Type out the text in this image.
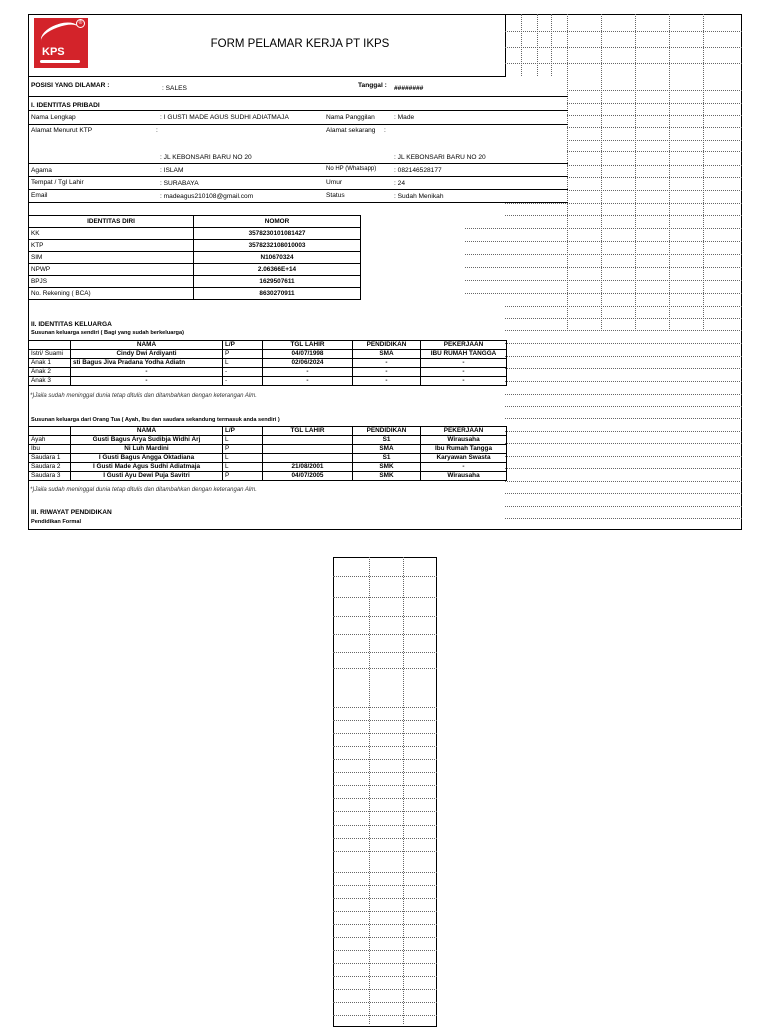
®
KPS
FORM PELAMAR KERJA PT IKPS
POSISI YANG DILAMAR :	: SALES	Tanggal : ########
I. IDENTITAS PRIBADI
Nama Lengkap	: I GUSTI MADE AGUS SUDHI ADIATMAJA	Nama Panggilan	: Made
Alamat Menurut KTP	:	Alamat sekarang :
: JL KEBONSARI BARU NO 20	: JL KEBONSARI BARU NO 20
Agama	: ISLAM	No HP (Whatsapp)	: 082146528177
Tempat / Tgl Lahir	: SURABAYA	Umur	: 24
Email	: madeagus210108@gmail.com	Status	: Sudah Menikah
IDENTITAS DIRI	NOMOR
KK	3578230101081427
KTP	3578232108010003
SIM	N10670324
NPWP	2.06366E+14
BPJS	1629507611
No. Rekening ( BCA)	8630270911
II. IDENTITAS KELUARGA
Susunan keluarga sendiri ( Bagi yang sudah berkeluarga)
	NAMA	L/P	TGL LAHIR	PENDIDIKAN	PEKERJAAN
Istri/ Suami	Cindy Dwi Ardiyanti	P	04/07/1998	SMA	IBU RUMAH TANGGA
Anak 1	sti Bagus Jiva Pradana Yodha Adiatn	L	02/06/2024	-	-
Anak 2	-	-	-	-	-
Anak 3	-	-	-	-	-
*)Jaila sudah meninggal dunia tetap ditulis dan ditambahkan dengan keterangan Alm.
Susunan keluarga dari Orang Tua ( Ayah, Ibu dan saudara sekandung termasuk anda sendiri )
	NAMA	L/P	TGL LAHIR	PENDIDIKAN	PEKERJAAN
Ayah	Gusti Bagus Arya Sudibja Widhi Arj	L		S1	Wirausaha
Ibu	Ni Luh Mardini	P		SMA	Ibu Rumah Tangga
Saudara 1	I Gusti Bagus Angga Oktadiana	L		S1	Karyawan Swasta
Saudara 2	I Gusti Made Agus Sudhi Adiatmaja	L	21/08/2001	SMK	-
Saudara 3	I Gusti Ayu Dewi Puja Savitri	P	04/07/2005	SMK	Wirausaha
*)Jaila sudah meninggal dunia tetap ditulis dan ditambahkan dengan keterangan Alm.
III. RIWAYAT PENDIDIKAN
Pendidikan Formal
